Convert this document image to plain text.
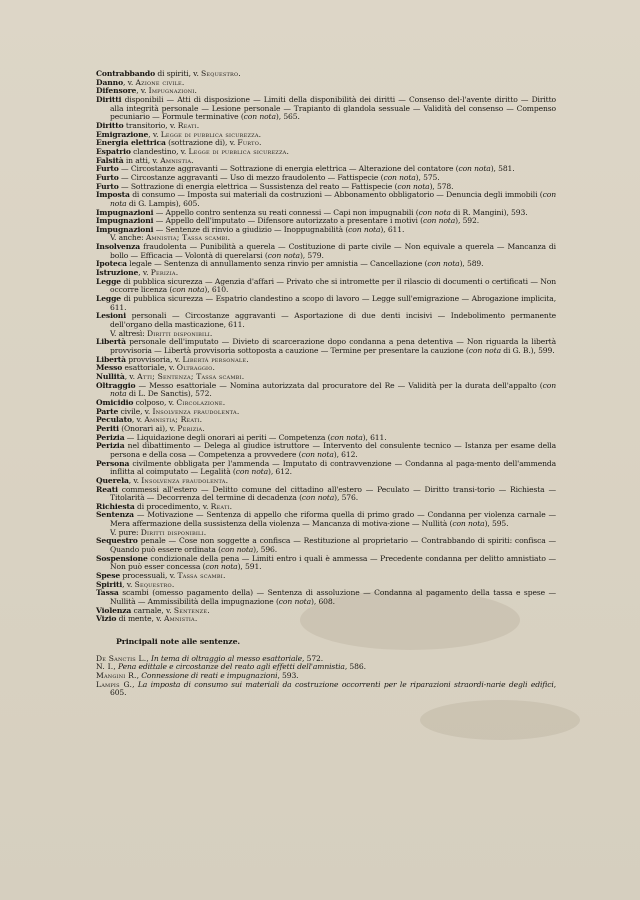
Contrabbando di spiriti, v. Sequestro.
Danno, v. Azione civile.
Difensore, v. Impugnazioni.
Diritti disponibili — Atti di disposizione — Limiti della disponibilità dei diritti — Consenso del-l'avente diritto — Diritto alla integrità personale — Lesione personale — Trapianto di glandola sessuale — Validità del consenso — Compenso pecuniario — Formule terminative (con nota), 565.
Diritto transitorio, v. Reati.
Emigrazione, v. Legge di pubblica sicurezza.
Energia elettrica (sottrazione di), v. Furto.
Espatrio clandestino, v. Legge di pubblica sicurezza.
Falsità in atti, v. Amnistia.
Furto — Circostanze aggravanti — Sottrazione di energia elettrica — Alterazione del contatore (con nota), 581.
Furto — Circostanze aggravanti — Uso di mezzo fraudolento — Fattispecie (con nota), 575.
Furto — Sottrazione di energia elettrica — Sussistenza del reato — Fattispecie (con nota), 578.
Imposta di consumo — Imposta sui materiali da costruzioni — Abbonamento obbligatorio — Denuncia degli immobili (con nota di G. Lampis), 605.
Impugnazioni — Appello contro sentenza su reati connessi — Capi non impugnabili (con nota di R. Mangini), 593.
Impugnazioni — Appello dell'imputato — Difensore autorizzato a presentare i motivi (con nota), 592.
Impugnazioni — Sentenze di rinvio a giudizio — Inoppugnabilità (con nota), 611.
V. anche: Amnistia; Tassa scambi.
Insolvenza fraudolenta — Punibilità a querela — Costituzione di parte civile — Non equivale a querela — Mancanza di bollo — Efficacia — Volontà di querelarsi (con nota), 579.
Ipoteca legale — Sentenza di annullamento senza rinvio per amnistia — Cancellazione (con nota), 589.
Istruzione, v. Perizia.
Legge di pubblica sicurezza — Agenzia d'affari — Privato che si intromette per il rilascio di documenti o certificati — Non occorre licenza (con nota), 610.
Legge di pubblica sicurezza — Espatrio clandestino a scopo di lavoro — Legge sull'emigrazione — Abrogazione implicita, 611.
Lesioni personali — Circostanze aggravanti — Asportazione di due denti incisivi — Indebolimento permanente dell'organo della masticazione, 611.
V. altresì: Diritti disponibili.
Libertà personale dell'imputato — Divieto di scarcerazione dopo condanna a pena detentiva — Non riguarda la libertà provvisoria — Libertà provvisoria sottoposta a cauzione — Termine per presentare la cauzione (con nota di G. B.), 599.
Libertà provvisoria, v. Libertà personale.
Messo esattoriale, v. Oltraggio.
Nullità, v. Atti; Sentenza; Tassa scambi.
Oltraggio — Messo esattoriale — Nomina autorizzata dal procuratore del Re — Validità per la durata dell'appalto (con nota di L. De Sanctis), 572.
Omicidio colposo, v. Circolazione.
Parte civile, v. Insolvenza fraudolenta.
Peculato, v. Amnistia; Reati.
Periti (Onorari ai), v. Perizia.
Perizia — Liquidazione degli onorari ai periti — Competenza (con nota), 611.
Perizia nel dibattimento — Delega al giudice istruttore — Intervento del consulente tecnico — Istanza per esame della persona e della cosa — Competenza a provvedere (con nota), 612.
Persona civilmente obbligata per l'ammenda — Imputato di contravvenzione — Condanna al paga-mento dell'ammenda inflitta al coimputato — Legalità (con nota), 612.
Querela, v. Insolvenza fraudolenta.
Reati commessi all'estero — Delitto comune del cittadino all'estero — Peculato — Diritto transi-torio — Richiesta — Titolarità — Decorrenza del termine di decadenza (con nota), 576.
Richiesta di procedimento, v. Reati.
Sentenza — Motivazione — Sentenza di appello che riforma quella di primo grado — Condanna per violenza carnale — Mera affermazione della sussistenza della violenza — Mancanza di motiva-zione — Nullità (con nota), 595.
V. pure: Diritti disponibili.
Sequestro penale — Cose non soggette a confisca — Restituzione al proprietario — Contrabbando di spiriti: confisca — Quando può essere ordinata (con nota), 596.
Sospensione condizionale della pena — Limiti entro i quali è ammessa — Precedente condanna per delitto amnistiato — Non può esser concessa (con nota), 591.
Spese processuali, v. Tassa scambi.
Spiriti, v. Sequestro.
Tassa scambi (omesso pagamento della) — Sentenza di assoluzione — Condanna al pagamento della tassa e spese — Nullità — Ammissibilità della impugnazione (con nota), 608.
Violenza carnale, v. Sentenze.
Vizio di mente, v. Amnistia.
Principali note alle sentenze.
De Sanctis L., In tema di oltraggio al messo esattoriale, 572.
N. I., Pena edittale e circostanze del reato agli effetti dell'amnistia, 586.
Mangini R., Connessione di reati e impugnazioni, 593.
Lampis G., La imposta di consumo sui materiali da costruzione occorrenti per le riparazioni straordi-narie degli edifici, 605.
